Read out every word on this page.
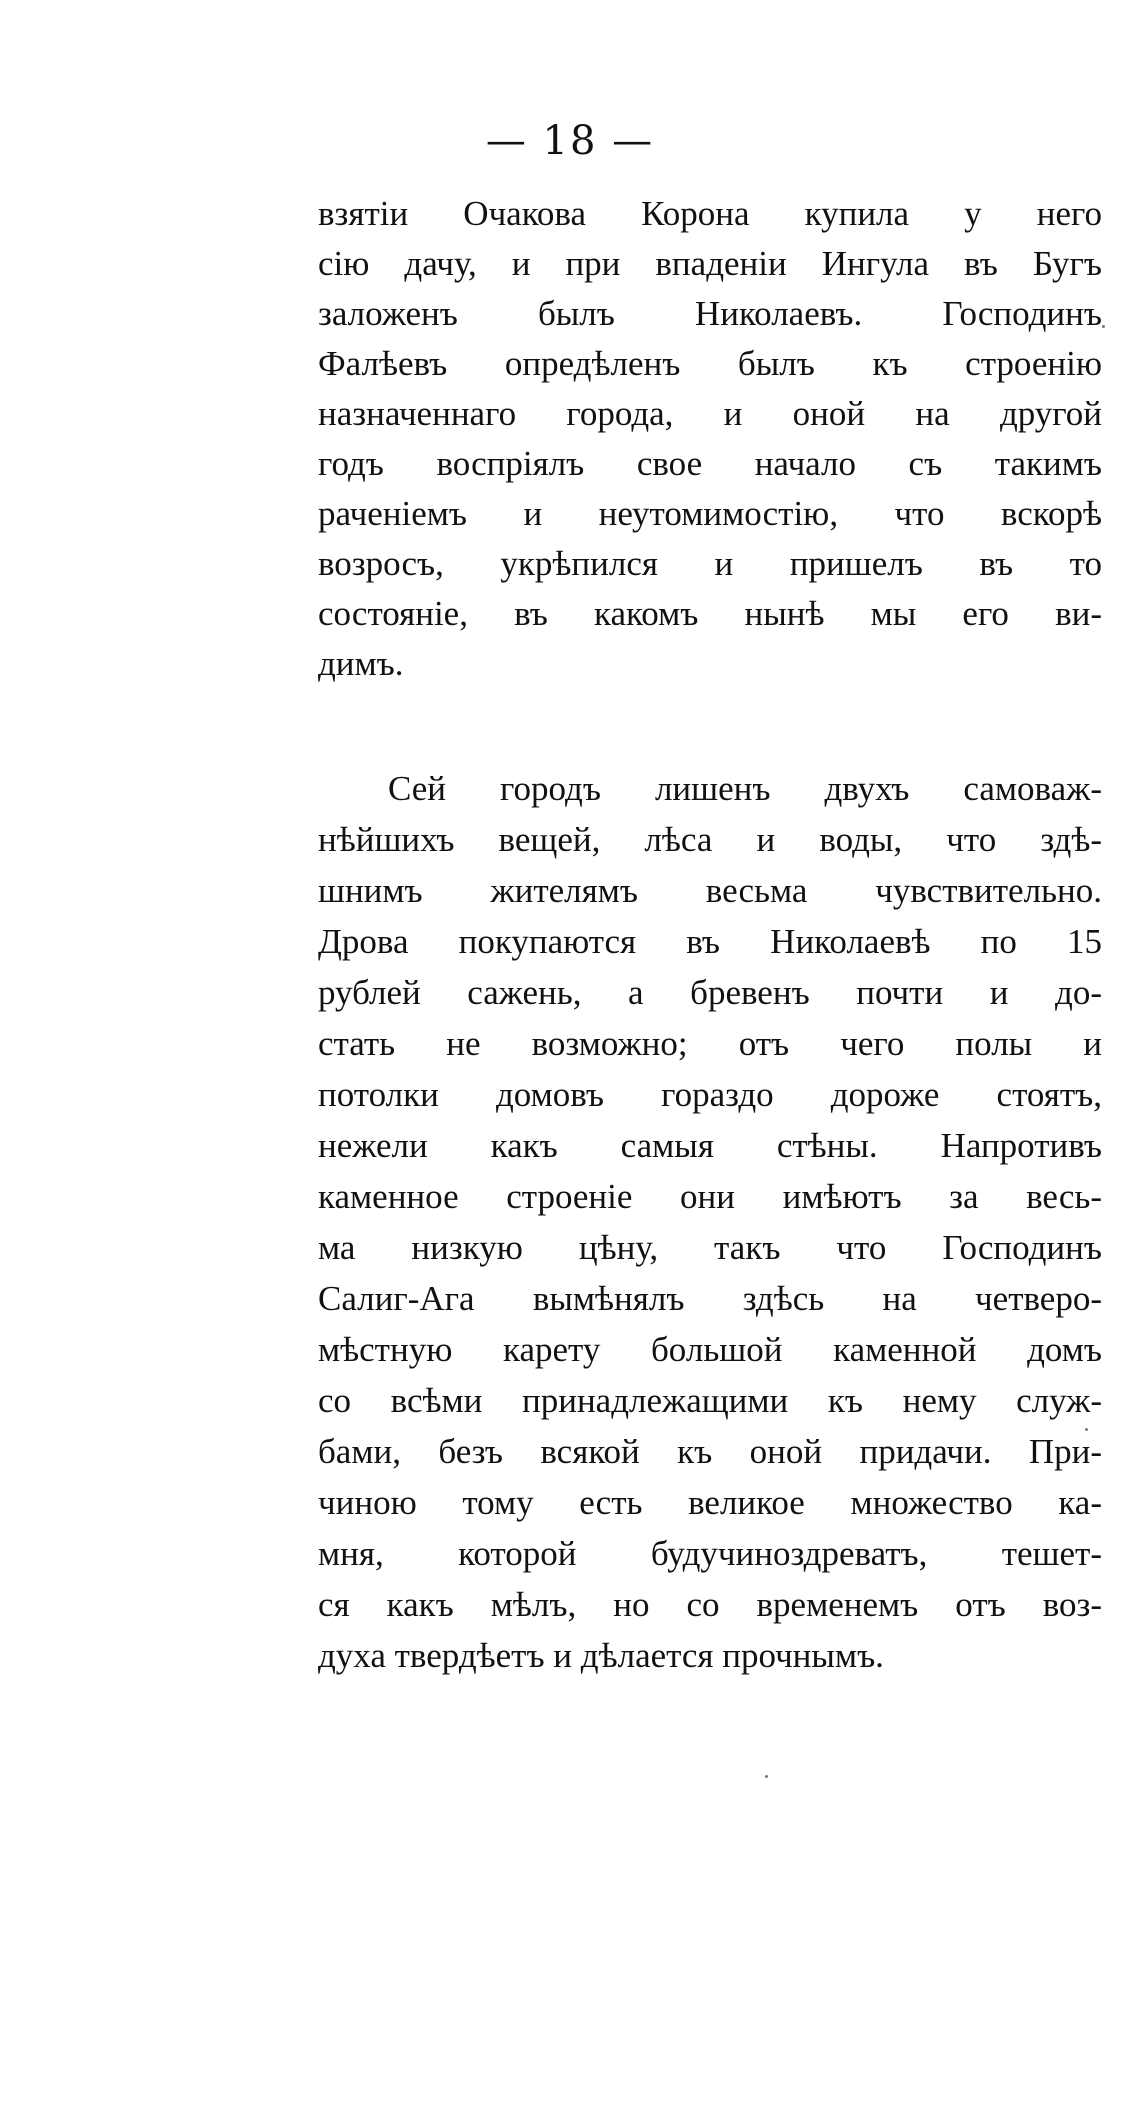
— 18 —
взятіи Очакова Корона купила у него
сію дачу, и при впаденіи Ингула въ Бугъ
заложенъ былъ Николаевъ. Господинъ
Фалѣевъ опредѣленъ былъ къ строенію
назначеннаго города, и оной на другой
годъ воспріялъ свое начало съ такимъ
раченіемъ и неутомимостію, что вскорѣ
возросъ, укрѣпился и пришелъ въ то
состояніе, въ какомъ нынѣ мы его ви-
димъ.
Сей городъ лишенъ двухъ самоваж-
нѣйшихъ вещей, лѣса и воды, что здѣ-
шнимъ жителямъ весьма чувствительно.
Дрова покупаются въ Николаевѣ по 15
рублей сажень, а бревенъ почти и до-
стать не возможно; отъ чего полы и
потолки домовъ гораздо дороже стоятъ,
нежели какъ самыя стѣны. Напротивъ
каменное строеніе они имѣютъ за весь-
ма низкую цѣну, такъ что Господинъ
Салиг-Ага вымѣнялъ здѣсь на четверо-
мѣстную карету большой каменной домъ
со всѣми принадлежащими къ нему служ-
бами, безъ всякой къ оной придачи. При-
чиною тому есть великое множество ка-
мня, которой будучиноздреватъ, тешет-
ся какъ мѣлъ, но со временемъ отъ воз-
духа твердѣетъ и дѣлается прочнымъ.
